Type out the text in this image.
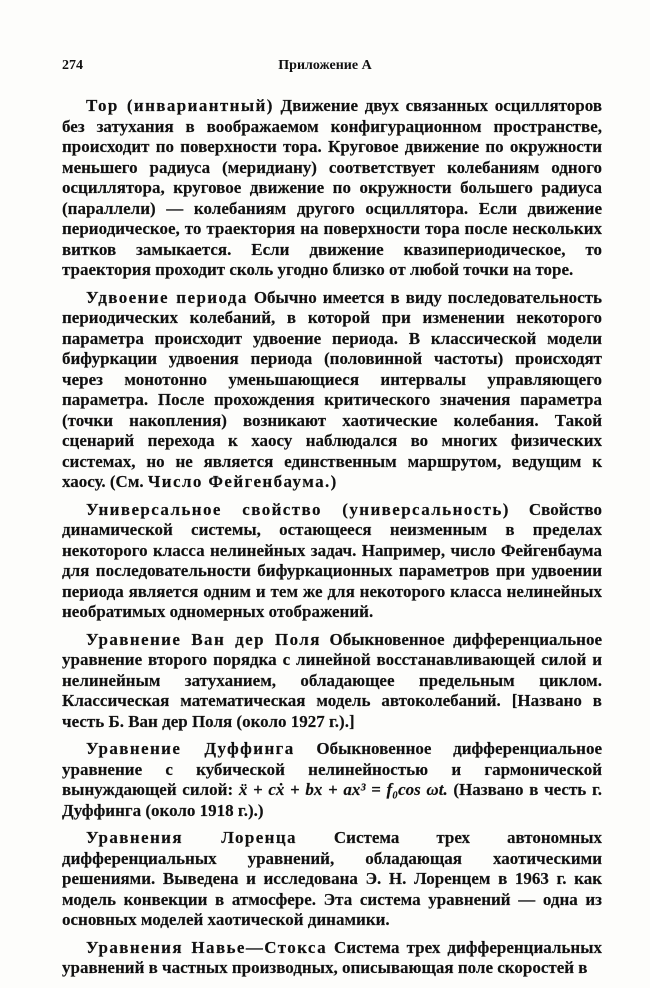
274	Приложение А

Тор (инвариантный) Движение двух связанных осцилляторов без затухания в воображаемом конфигурационном пространстве, происходит по поверхности тора. Круговое движение по окружности меньшего радиуса (меридиану) соответствует колебаниям одного осциллятора, круговое движение по окружности большего радиуса (параллели) — колебаниям другого осциллятора. Если движение периодическое, то траектория на поверхности тора после нескольких витков замыкается. Если движение квазипериодическое, то траектория проходит сколь угодно близко от любой точки на торе.

Удвоение периода Обычно имеется в виду последовательность периодических колебаний, в которой при изменении некоторого параметра происходит удвоение периода. В классической модели бифуркации удвоения периода (половинной частоты) происходят через монотонно уменьшающиеся интервалы управляющего параметра. После прохождения критического значения параметра (точки накопления) возникают хаотические колебания. Такой сценарий перехода к хаосу наблюдался во многих физических системах, но не является единственным маршрутом, ведущим к хаосу. (См. Число Фейгенбаума.)

Универсальное свойство (универсальность) Свойство динамической системы, остающееся неизменным в пределах некоторого класса нелинейных задач. Например, число Фейгенбаума для последовательности бифуркационных параметров при удвоении периода является одним и тем же для некоторого класса нелинейных необратимых одномерных отображений.

Уравнение Ван дер Поля Обыкновенное дифференциальное уравнение второго порядка с линейной восстанавливающей силой и нелинейным затуханием, обладающее предельным циклом. Классическая математическая модель автоколебаний. [Названо в честь Б. Ван дер Поля (около 1927 г.).]

Уравнение Дуффинга Обыкновенное дифференциальное уравнение с кубической нелинейностью и гармонической вынуждающей силой: ẍ + cẋ + bx + ax³ = f₀cos ωt. (Названо в честь г. Дуффинга (около 1918 г.).)

Уравнения Лоренца Система трех автономных дифференциальных уравнений, обладающая хаотическими решениями. Выведена и исследована Э. Н. Лоренцем в 1963 г. как модель конвекции в атмосфере. Эта система уравнений — одна из основных моделей хаотической динамики.

Уравнения Навье—Стокса Система трех дифференциальных уравнений в частных производных, описывающая поле скоростей в
